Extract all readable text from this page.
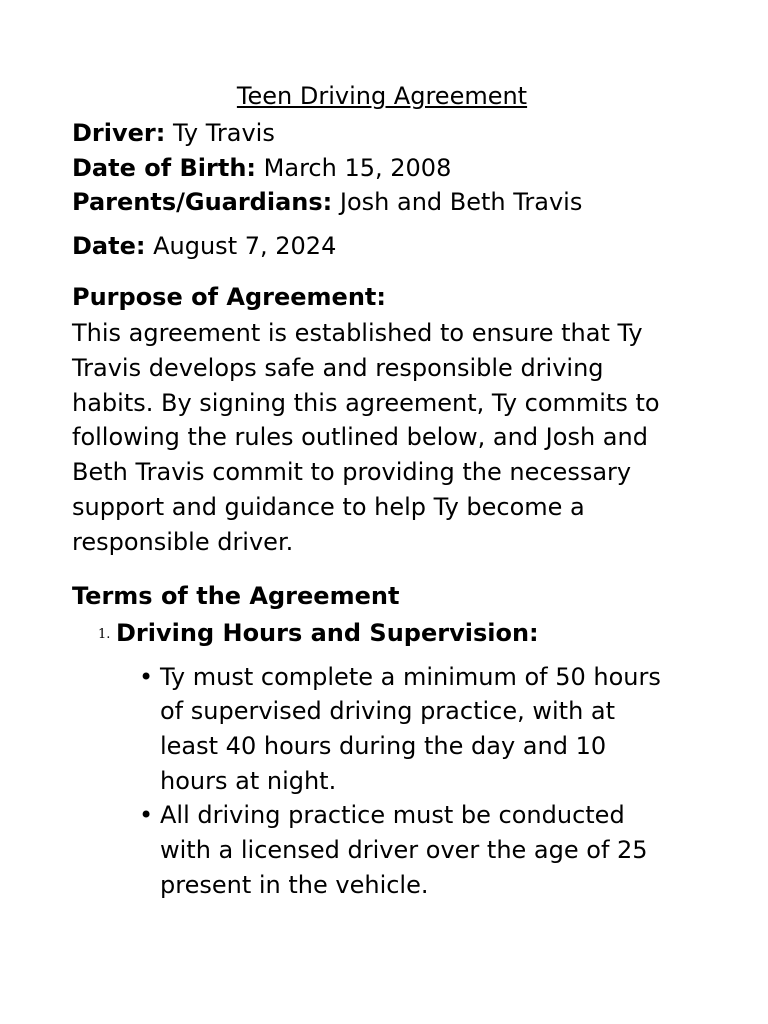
Teen Driving Agreement

Driver: Ty Travis

Date of Birth: March 15, 2008

Parents/Guardians: Josh and Beth Travis

Date: August 7, 2024

Purpose of Agreement:

This agreement is established to ensure that Ty
Travis develops safe and responsible driving
habits. By signing this agreement, Ty commits to
following the rules outlined below, and Josh and
Beth Travis commit to providing the necessary
support and guidance to help Ty become a
responsible driver.

Terms of the Agreement
1. Driving Hours and Supervision:
• Ty must complete a minimum of 50 hours
of supervised driving practice, with at
least 40 hours during the day and 10
hours at night.
• All driving practice must be conducted
with a licensed driver over the age of 25
present in the vehicle.
